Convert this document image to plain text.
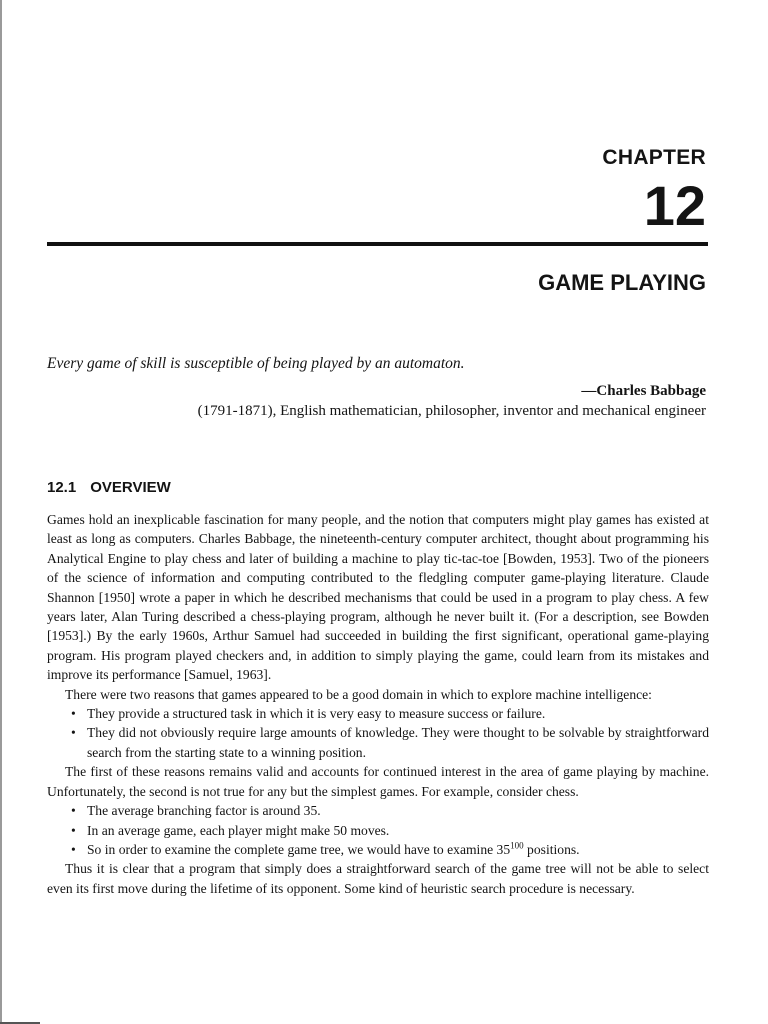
CHAPTER

12

GAME PLAYING

Every game of skill is susceptible of being played by an automaton.

—Charles Babbage

(1791-1871), English mathematician, philosopher, inventor and mechanical engineer

12.1 OVERVIEW

Games hold an inexplicable fascination for many people, and the notion that computers might play games has existed at least as long as computers. Charles Babbage, the nineteenth-century computer architect, thought about programming his Analytical Engine to play chess and later of building a machine to play tic-tac-toe [Bowden, 1953]. Two of the pioneers of the science of information and computing contributed to the fledgling computer game-playing literature. Claude Shannon [1950] wrote a paper in which he described mechanisms that could be used in a program to play chess. A few years later, Alan Turing described a chess-playing program, although he never built it. (For a description, see Bowden [1953].) By the early 1960s, Arthur Samuel had succeeded in building the first significant, operational game-playing program. His program played checkers and, in addition to simply playing the game, could learn from its mistakes and improve its performance [Samuel, 1963].

There were two reasons that games appeared to be a good domain in which to explore machine intelligence:

• They provide a structured task in which it is very easy to measure success or failure.
• They did not obviously require large amounts of knowledge. They were thought to be solvable by straightforward search from the starting state to a winning position.

The first of these reasons remains valid and accounts for continued interest in the area of game playing by machine. Unfortunately, the second is not true for any but the simplest games. For example, consider chess.

• The average branching factor is around 35.
• In an average game, each player might make 50 moves.
• So in order to examine the complete game tree, we would have to examine $35^{100}$ positions.

Thus it is clear that a program that simply does a straightforward search of the game tree will not be able to select even its first move during the lifetime of its opponent. Some kind of heuristic search procedure is necessary.
